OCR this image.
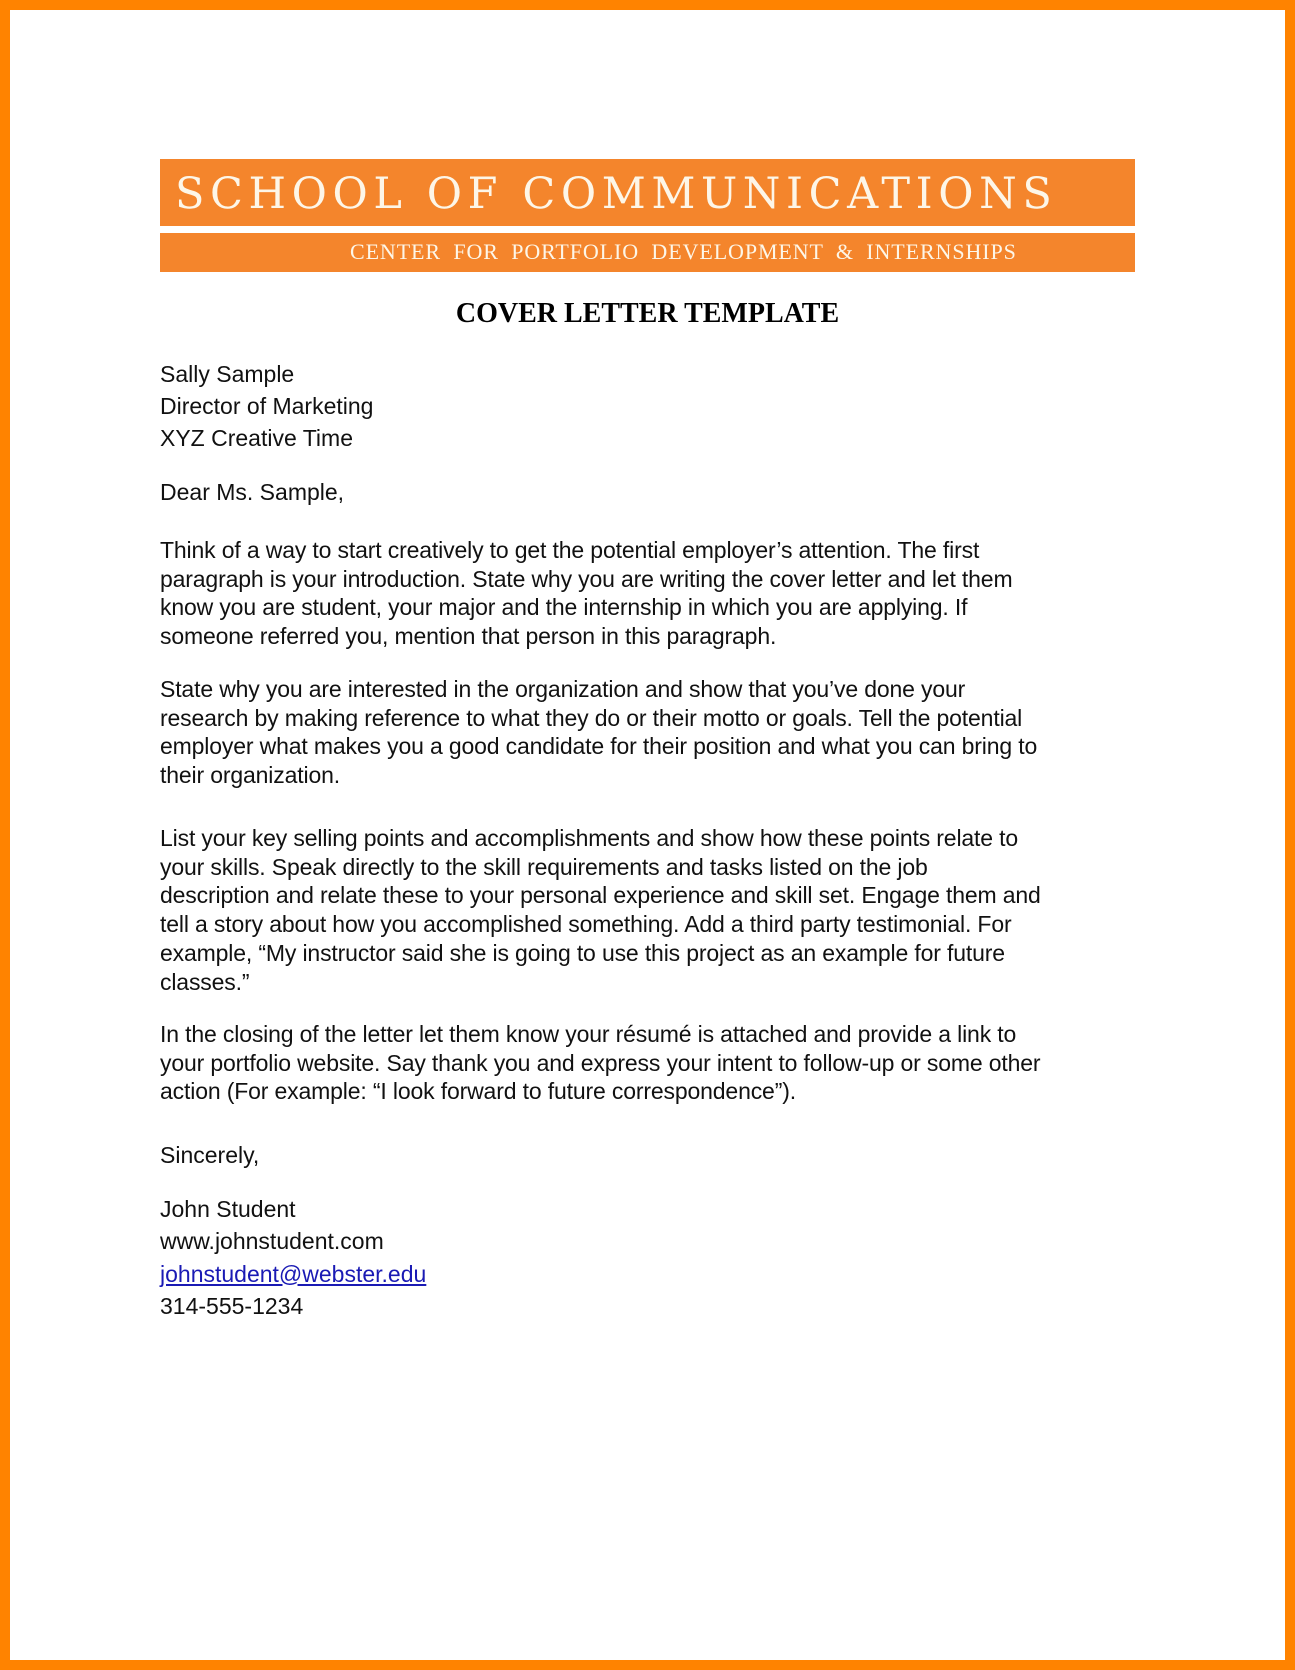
SCHOOL OF COMMUNICATIONS
CENTER FOR PORTFOLIO DEVELOPMENT & INTERNSHIPS
COVER LETTER TEMPLATE
Sally Sample
Director of Marketing
XYZ Creative Time
Dear Ms. Sample,
Think of a way to start creatively to get the potential employer’s attention. The first
paragraph is your introduction. State why you are writing the cover letter and let them
know you are student, your major and the internship in which you are applying. If
someone referred you, mention that person in this paragraph.
State why you are interested in the organization and show that you’ve done your
research by making reference to what they do or their motto or goals. Tell the potential
employer what makes you a good candidate for their position and what you can bring to
their organization.
List your key selling points and accomplishments and show how these points relate to
your skills. Speak directly to the skill requirements and tasks listed on the job
description and relate these to your personal experience and skill set. Engage them and
tell a story about how you accomplished something. Add a third party testimonial. For
example, “My instructor said she is going to use this project as an example for future
classes.”
In the closing of the letter let them know your résumé is attached and provide a link to
your portfolio website. Say thank you and express your intent to follow-up or some other
action (For example: “I look forward to future correspondence”).
Sincerely,
John Student
www.johnstudent.com
johnstudent@webster.edu
314-555-1234
